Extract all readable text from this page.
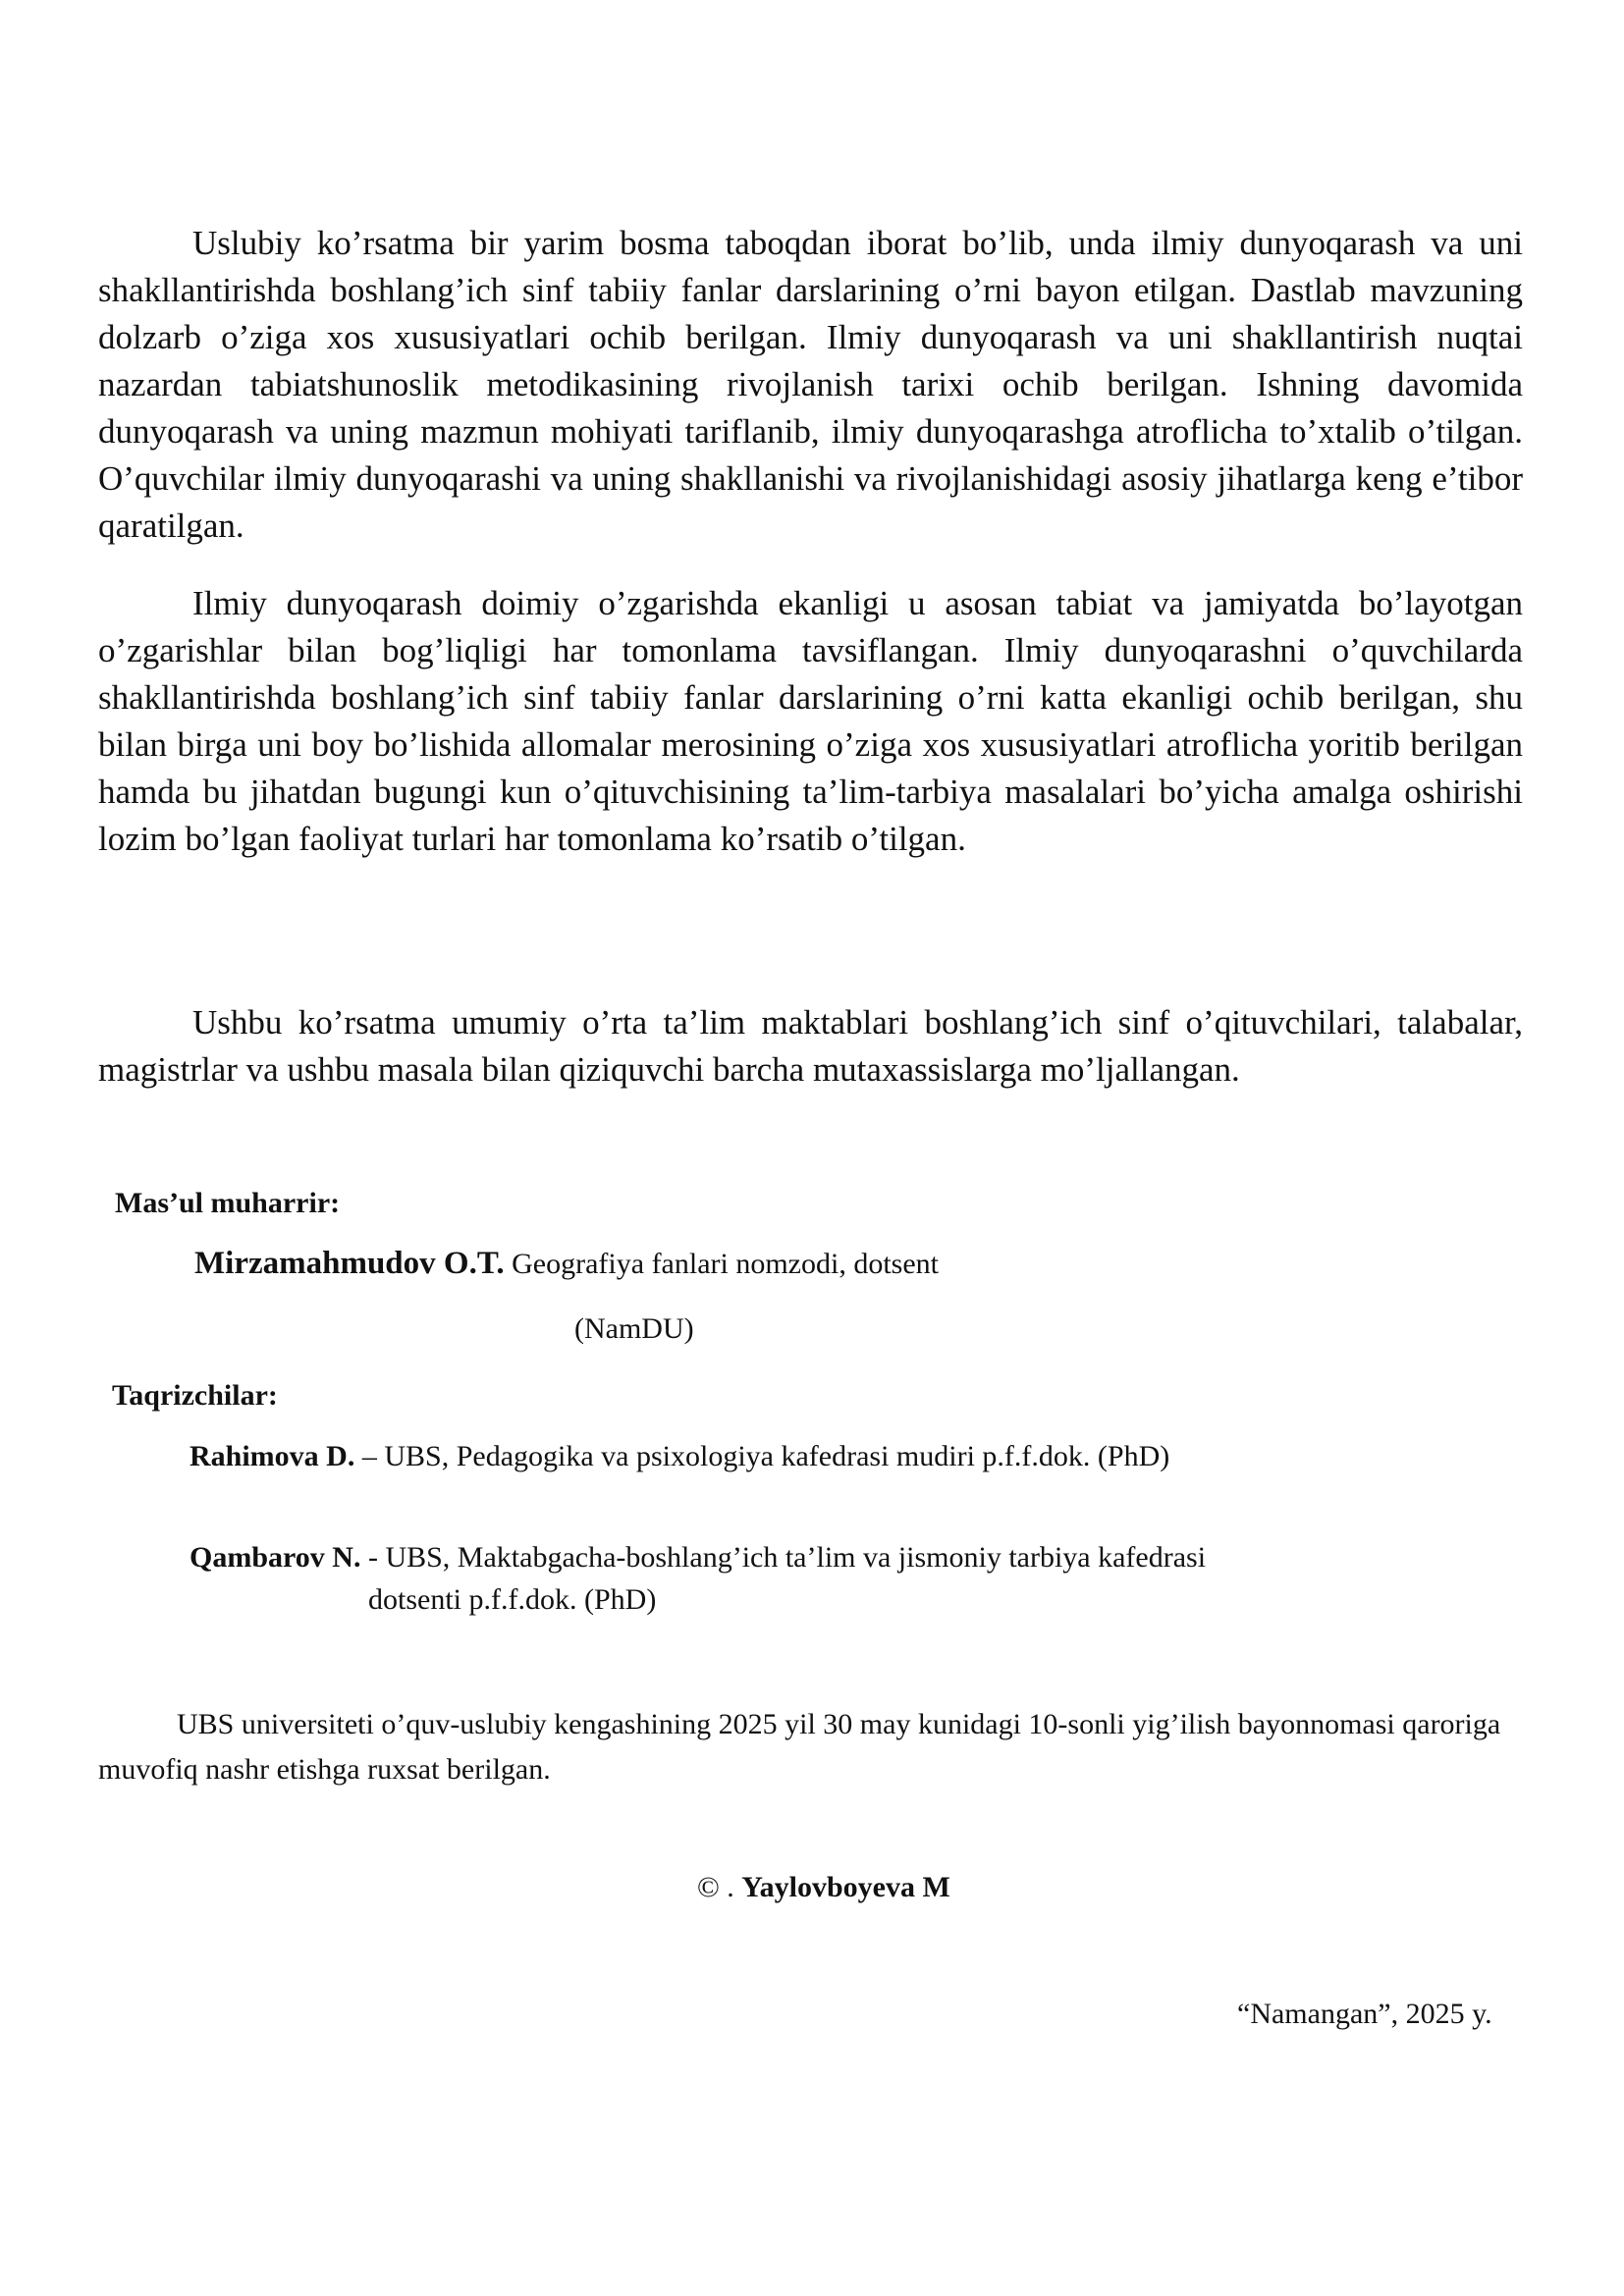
Uslubiy ko’rsatma bir yarim bosma taboqdan iborat bo’lib, unda ilmiy dunyoqarash va uni shakllantirishda boshlang’ich sinf tabiiy fanlar darslarining o’rni bayon etilgan. Dastlab mavzuning dolzarb o’ziga xos xususiyatlari ochib berilgan. Ilmiy dunyoqarash va uni shakllantirish nuqtai nazardan tabiatshunoslik metodikasining rivojlanish tarixi ochib berilgan. Ishning davomida dunyoqarash va uning mazmun mohiyati tariflanib, ilmiy dunyoqarashga atroflicha to’xtalib o’tilgan. O’quvchilar ilmiy dunyoqarashi va uning shakllanishi va rivojlanishidagi asosiy jihatlarga keng e’tibor qaratilgan.

Ilmiy dunyoqarash doimiy o’zgarishda ekanligi u asosan tabiat va jamiyatda bo’layotgan o’zgarishlar bilan bog’liqligi har tomonlama tavsiflangan. Ilmiy dunyoqarashni o’quvchilarda shakllantirishda boshlang’ich sinf tabiiy fanlar darslarining o’rni katta ekanligi ochib berilgan, shu bilan birga uni boy bo’lishida allomalar merosining o’ziga xos xususiyatlari atroflicha yoritib berilgan hamda bu jihatdan bugungi kun o’qituvchisining ta’lim-tarbiya masalalari bo’yicha amalga oshirishi lozim bo’lgan faoliyat turlari har tomonlama ko’rsatib o’tilgan.

Ushbu ko’rsatma umumiy o’rta ta’lim maktablari boshlang’ich sinf o’qituvchilari, talabalar, magistrlar va ushbu masala bilan qiziquvchi barcha mutaxassislarga mo’ljallangan.

Mas’ul muharrir:

Mirzamahmudov O.T. Geografiya fanlari nomzodi, dotsent

(NamDU)

Taqrizchilar:

Rahimova D. – UBS, Pedagogika va psixologiya kafedrasi mudiri p.f.f.dok. (PhD)

Qambarov N. - UBS, Maktabgacha-boshlang’ich ta’lim va jismoniy tarbiya kafedrasi

dotsenti p.f.f.dok. (PhD)

UBS universiteti o’quv-uslubiy kengashining 2025 yil 30 may kunidagi 10-sonli yig’ilish bayonnomasi qaroriga muvofiq nashr etishga ruxsat berilgan.

© . Yaylovboyeva M

“Namangan”, 2025 y.
